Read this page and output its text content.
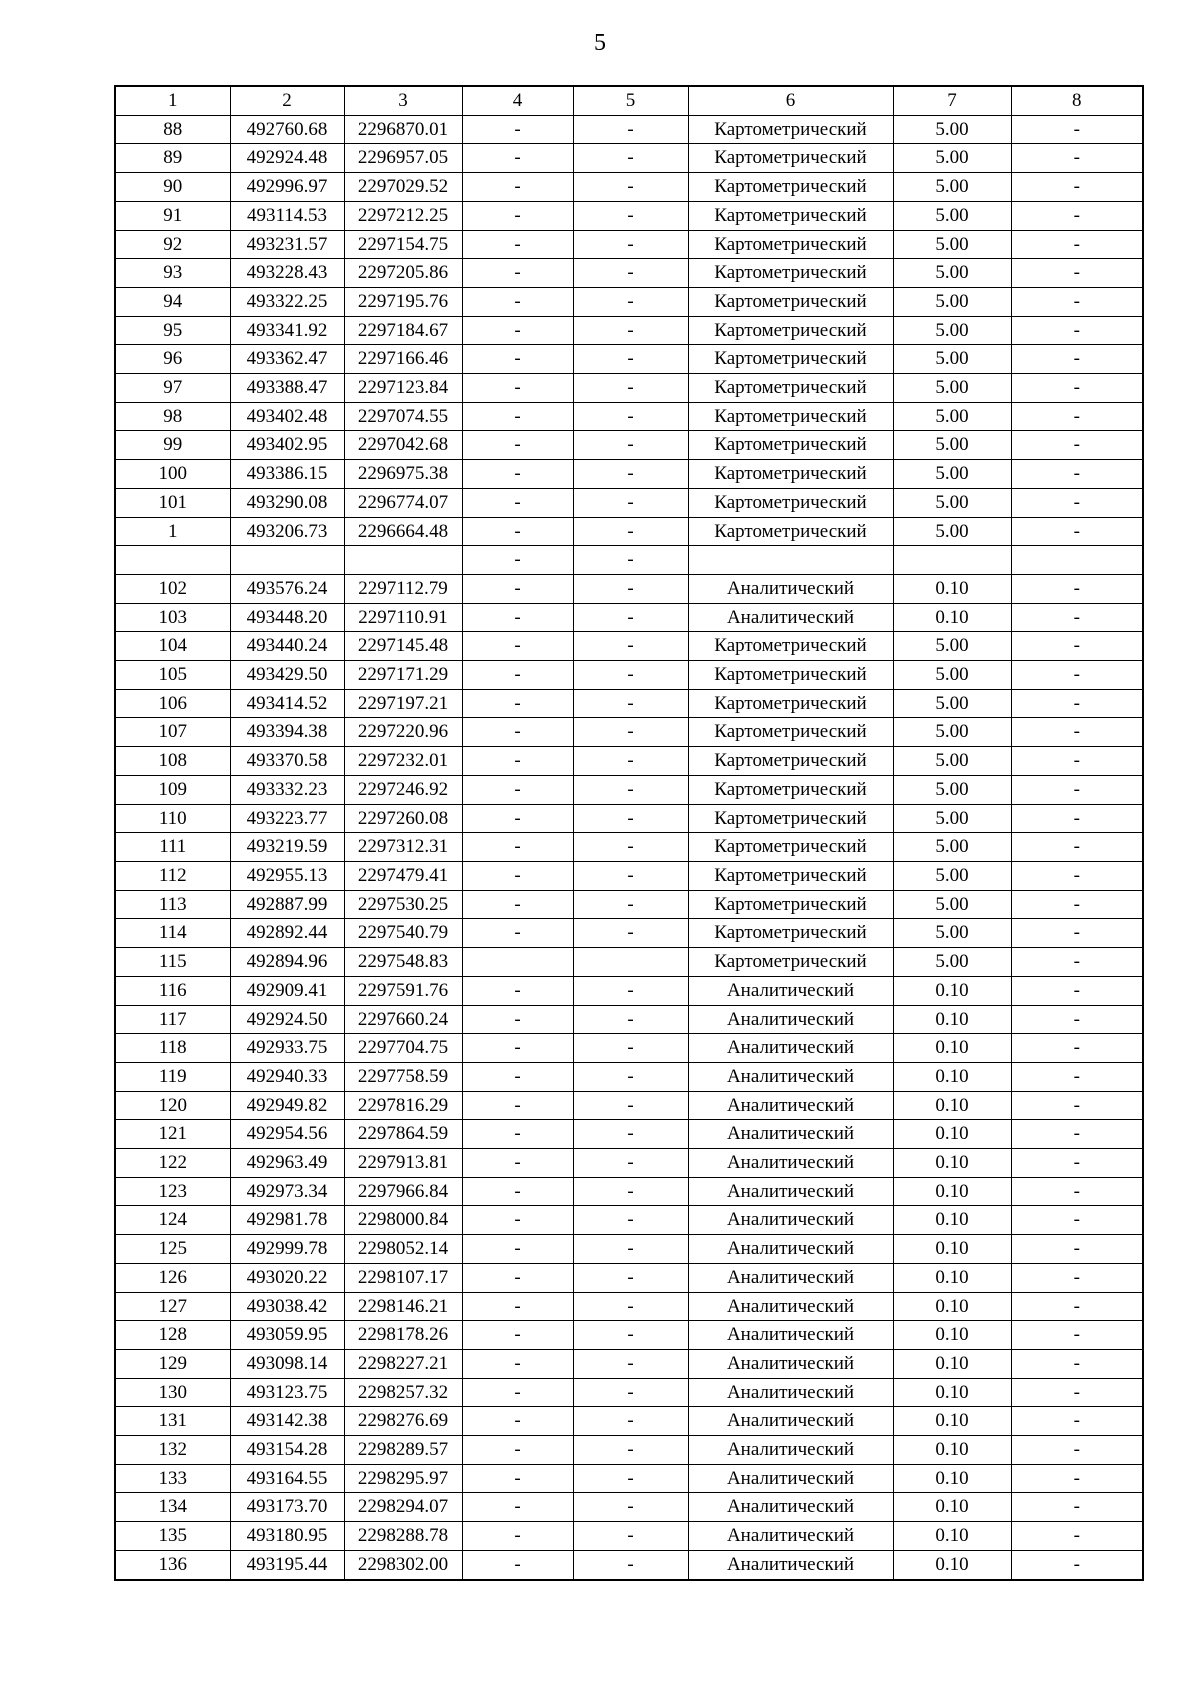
5
1	2	3	4	5	6	7	8
88	492760.68	2296870.01	-	-	Картометрический	5.00	-
89	492924.48	2296957.05	-	-	Картометрический	5.00	-
90	492996.97	2297029.52	-	-	Картометрический	5.00	-
91	493114.53	2297212.25	-	-	Картометрический	5.00	-
92	493231.57	2297154.75	-	-	Картометрический	5.00	-
93	493228.43	2297205.86	-	-	Картометрический	5.00	-
94	493322.25	2297195.76	-	-	Картометрический	5.00	-
95	493341.92	2297184.67	-	-	Картометрический	5.00	-
96	493362.47	2297166.46	-	-	Картометрический	5.00	-
97	493388.47	2297123.84	-	-	Картометрический	5.00	-
98	493402.48	2297074.55	-	-	Картометрический	5.00	-
99	493402.95	2297042.68	-	-	Картометрический	5.00	-
100	493386.15	2296975.38	-	-	Картометрический	5.00	-
101	493290.08	2296774.07	-	-	Картометрический	5.00	-
1	493206.73	2296664.48	-	-	Картометрический	5.00	-
			-	-			
102	493576.24	2297112.79	-	-	Аналитический	0.10	-
103	493448.20	2297110.91	-	-	Аналитический	0.10	-
104	493440.24	2297145.48	-	-	Картометрический	5.00	-
105	493429.50	2297171.29	-	-	Картометрический	5.00	-
106	493414.52	2297197.21	-	-	Картометрический	5.00	-
107	493394.38	2297220.96	-	-	Картометрический	5.00	-
108	493370.58	2297232.01	-	-	Картометрический	5.00	-
109	493332.23	2297246.92	-	-	Картометрический	5.00	-
110	493223.77	2297260.08	-	-	Картометрический	5.00	-
111	493219.59	2297312.31	-	-	Картометрический	5.00	-
112	492955.13	2297479.41	-	-	Картометрический	5.00	-
113	492887.99	2297530.25	-	-	Картометрический	5.00	-
114	492892.44	2297540.79	-	-	Картометрический	5.00	-
115	492894.96	2297548.83			Картометрический	5.00	-
116	492909.41	2297591.76	-	-	Аналитический	0.10	-
117	492924.50	2297660.24	-	-	Аналитический	0.10	-
118	492933.75	2297704.75	-	-	Аналитический	0.10	-
119	492940.33	2297758.59	-	-	Аналитический	0.10	-
120	492949.82	2297816.29	-	-	Аналитический	0.10	-
121	492954.56	2297864.59	-	-	Аналитический	0.10	-
122	492963.49	2297913.81	-	-	Аналитический	0.10	-
123	492973.34	2297966.84	-	-	Аналитический	0.10	-
124	492981.78	2298000.84	-	-	Аналитический	0.10	-
125	492999.78	2298052.14	-	-	Аналитический	0.10	-
126	493020.22	2298107.17	-	-	Аналитический	0.10	-
127	493038.42	2298146.21	-	-	Аналитический	0.10	-
128	493059.95	2298178.26	-	-	Аналитический	0.10	-
129	493098.14	2298227.21	-	-	Аналитический	0.10	-
130	493123.75	2298257.32	-	-	Аналитический	0.10	-
131	493142.38	2298276.69	-	-	Аналитический	0.10	-
132	493154.28	2298289.57	-	-	Аналитический	0.10	-
133	493164.55	2298295.97	-	-	Аналитический	0.10	-
134	493173.70	2298294.07	-	-	Аналитический	0.10	-
135	493180.95	2298288.78	-	-	Аналитический	0.10	-
136	493195.44	2298302.00	-	-	Аналитический	0.10	-
